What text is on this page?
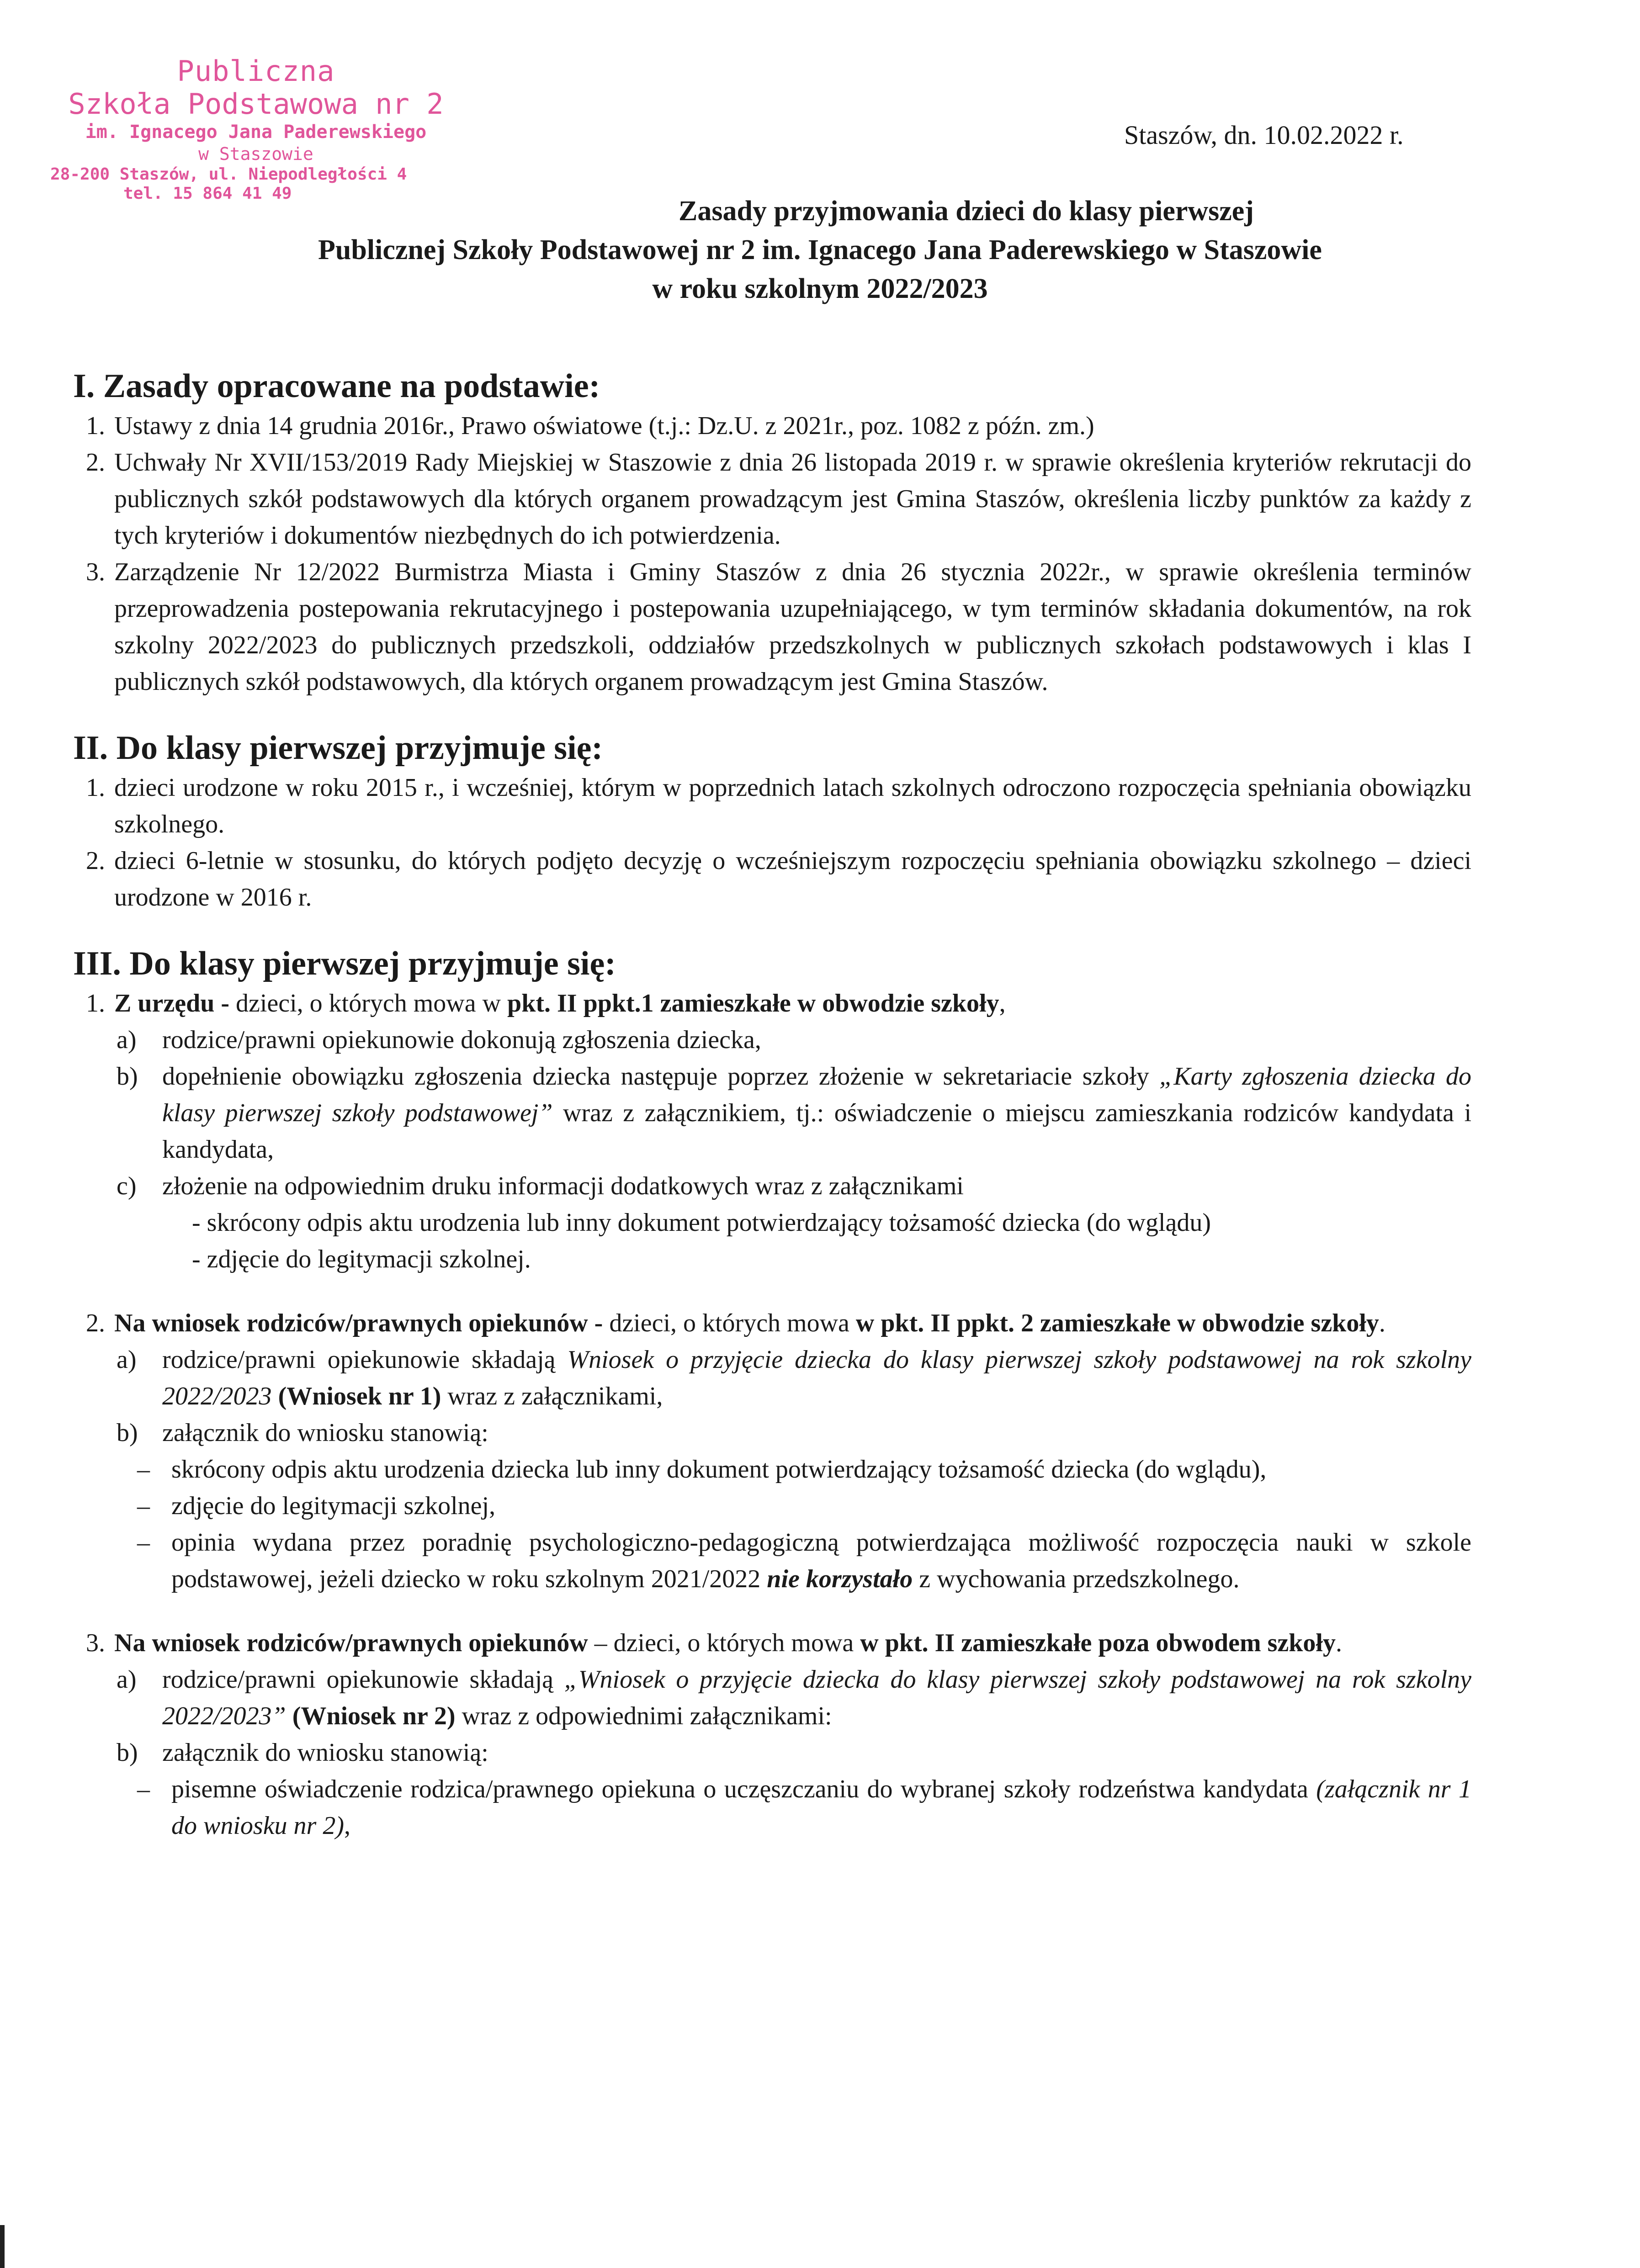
Publiczna
Szkoła Podstawowa nr 2
im. Ignacego Jana Paderewskiego
w Staszowie
28-200 Staszów, ul. Niepodległości 4
tel. 15 864 41 49
Staszów, dn. 10.02.2022 r.
Zasady przyjmowania dzieci do klasy pierwszej
Publicznej Szkoły Podstawowej nr 2 im. Ignacego Jana Paderewskiego w Staszowie
w roku szkolnym 2022/2023
I. Zasady opracowane na podstawie:
1. Ustawy z dnia 14 grudnia 2016r., Prawo oświatowe (t.j.: Dz.U. z 2021r., poz. 1082 z późn. zm.)
2. Uchwały Nr XVII/153/2019 Rady Miejskiej w Staszowie z dnia 26 listopada 2019 r. w sprawie określenia kryteriów rekrutacji do publicznych szkół podstawowych dla których organem prowadzącym jest Gmina Staszów, określenia liczby punktów za każdy z tych kryteriów i dokumentów niezbędnych do ich potwierdzenia.
3. Zarządzenie Nr 12/2022 Burmistrza Miasta i Gminy Staszów z dnia 26 stycznia 2022r., w sprawie określenia terminów przeprowadzenia postepowania rekrutacyjnego i postepowania uzupełniającego, w tym terminów składania dokumentów, na rok szkolny 2022/2023 do publicznych przedszkoli, oddziałów przedszkolnych w publicznych szkołach podstawowych i klas I publicznych szkół podstawowych, dla których organem prowadzącym jest Gmina Staszów.
II. Do klasy pierwszej przyjmuje się:
1. dzieci urodzone w roku 2015 r., i wcześniej, którym w poprzednich latach szkolnych odroczono rozpoczęcia spełniania obowiązku szkolnego.
2. dzieci 6-letnie w stosunku, do których podjęto decyzję o wcześniejszym rozpoczęciu spełniania obowiązku szkolnego – dzieci urodzone w 2016 r.
III. Do klasy pierwszej przyjmuje się:
1. Z urzędu - dzieci, o których mowa w pkt. II ppkt.1 zamieszkałe w obwodzie szkoły,
a) rodzice/prawni opiekunowie dokonują zgłoszenia dziecka,
b) dopełnienie obowiązku zgłoszenia dziecka następuje poprzez złożenie w sekretariacie szkoły „Karty zgłoszenia dziecka do klasy pierwszej szkoły podstawowej” wraz z załącznikiem, tj.: oświadczenie o miejscu zamieszkania rodziców kandydata i kandydata,
c) złożenie na odpowiednim druku informacji dodatkowych wraz z załącznikami
- skrócony odpis aktu urodzenia lub inny dokument potwierdzający tożsamość dziecka (do wglądu)
- zdjęcie do legitymacji szkolnej.
2. Na wniosek rodziców/prawnych opiekunów - dzieci, o których mowa w pkt. II ppkt. 2 zamieszkałe w obwodzie szkoły.
a) rodzice/prawni opiekunowie składają Wniosek o przyjęcie dziecka do klasy pierwszej szkoły podstawowej na rok szkolny 2022/2023 (Wniosek nr 1) wraz z załącznikami,
b) załącznik do wniosku stanowią:
– skrócony odpis aktu urodzenia dziecka lub inny dokument potwierdzający tożsamość dziecka (do wglądu),
– zdjęcie do legitymacji szkolnej,
– opinia wydana przez poradnię psychologiczno-pedagogiczną potwierdzająca możliwość rozpoczęcia nauki w szkole podstawowej, jeżeli dziecko w roku szkolnym 2021/2022 nie korzystało z wychowania przedszkolnego.
3. Na wniosek rodziców/prawnych opiekunów – dzieci, o których mowa w pkt. II zamieszkałe poza obwodem szkoły.
a) rodzice/prawni opiekunowie składają „Wniosek o przyjęcie dziecka do klasy pierwszej szkoły podstawowej na rok szkolny 2022/2023” (Wniosek nr 2) wraz z odpowiednimi załącznikami:
b) załącznik do wniosku stanowią:
– pisemne oświadczenie rodzica/prawnego opiekuna o uczęszczaniu do wybranej szkoły rodzeństwa kandydata (załącznik nr 1 do wniosku nr 2),
